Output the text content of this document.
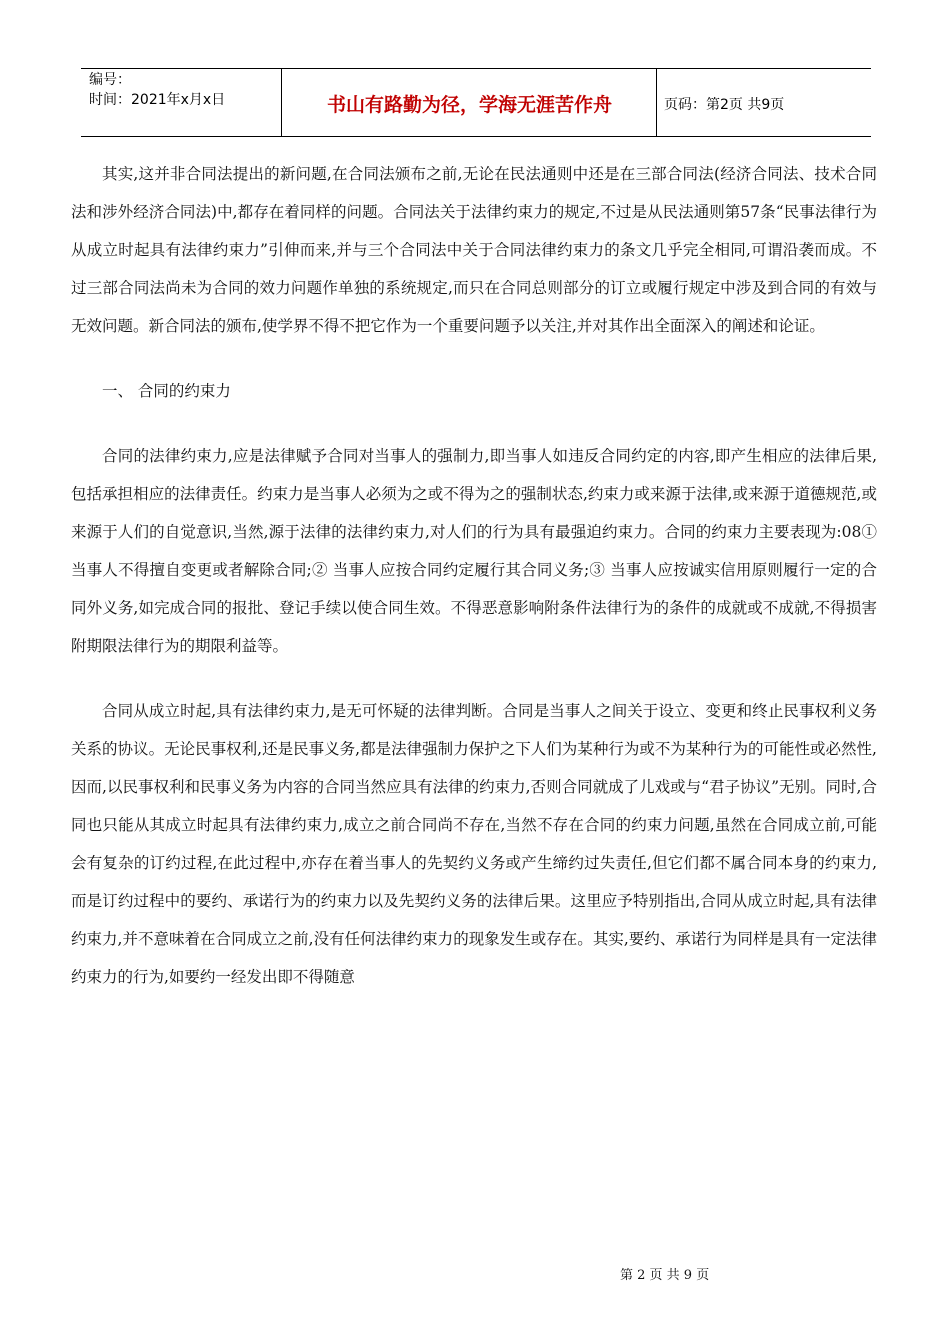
编号：
时间：2021年x月x日	书山有路勤为径，学海无涯苦作舟	页码：第2页 共9页

其实,这并非合同法提出的新问题,在合同法颁布之前,无论在民法通则中还是在三部合同法(经济合同法、技术合同法和涉外经济合同法)中,都存在着同样的问题。合同法关于法律约束力的规定,不过是从民法通则第57条“民事法律行为从成立时起具有法律约束力”引伸而来,并与三个合同法中关于合同法律约束力的条文几乎完全相同,可谓沿袭而成。不过三部合同法尚未为合同的效力问题作单独的系统规定,而只在合同总则部分的订立或履行规定中涉及到合同的有效与无效问题。新合同法的颁布,使学界不得不把它作为一个重要问题予以关注,并对其作出全面深入的阐述和论证。

一、 合同的约束力

合同的法律约束力,应是法律赋予合同对当事人的强制力,即当事人如违反合同约定的内容,即产生相应的法律后果,包括承担相应的法律责任。约束力是当事人必须为之或不得为之的强制状态,约束力或来源于法律,或来源于道德规范,或来源于人们的自觉意识,当然,源于法律的法律约束力,对人们的行为具有最强迫约束力。合同的约束力主要表现为:08① 当事人不得擅自变更或者解除合同;② 当事人应按合同约定履行其合同义务;③ 当事人应按诚实信用原则履行一定的合同外义务,如完成合同的报批、登记手续以使合同生效。不得恶意影响附条件法律行为的条件的成就或不成就,不得损害附期限法律行为的期限利益等。

合同从成立时起,具有法律约束力,是无可怀疑的法律判断。合同是当事人之间关于设立、变更和终止民事权利义务关系的协议。无论民事权利,还是民事义务,都是法律强制力保护之下人们为某种行为或不为某种行为的可能性或必然性,因而,以民事权利和民事义务为内容的合同当然应具有法律的约束力,否则合同就成了儿戏或与“君子协议”无别。同时,合同也只能从其成立时起具有法律约束力,成立之前合同尚不存在,当然不存在合同的约束力问题,虽然在合同成立前,可能会有复杂的订约过程,在此过程中,亦存在着当事人的先契约义务或产生缔约过失责任,但它们都不属合同本身的约束力,而是订约过程中的要约、承诺行为的约束力以及先契约义务的法律后果。这里应予特别指出,合同从成立时起,具有法律约束力,并不意味着在合同成立之前,没有任何法律约束力的现象发生或存在。其实,要约、承诺行为同样是具有一定法律约束力的行为,如要约一经发出即不得随意

第 2 页 共 9 页
